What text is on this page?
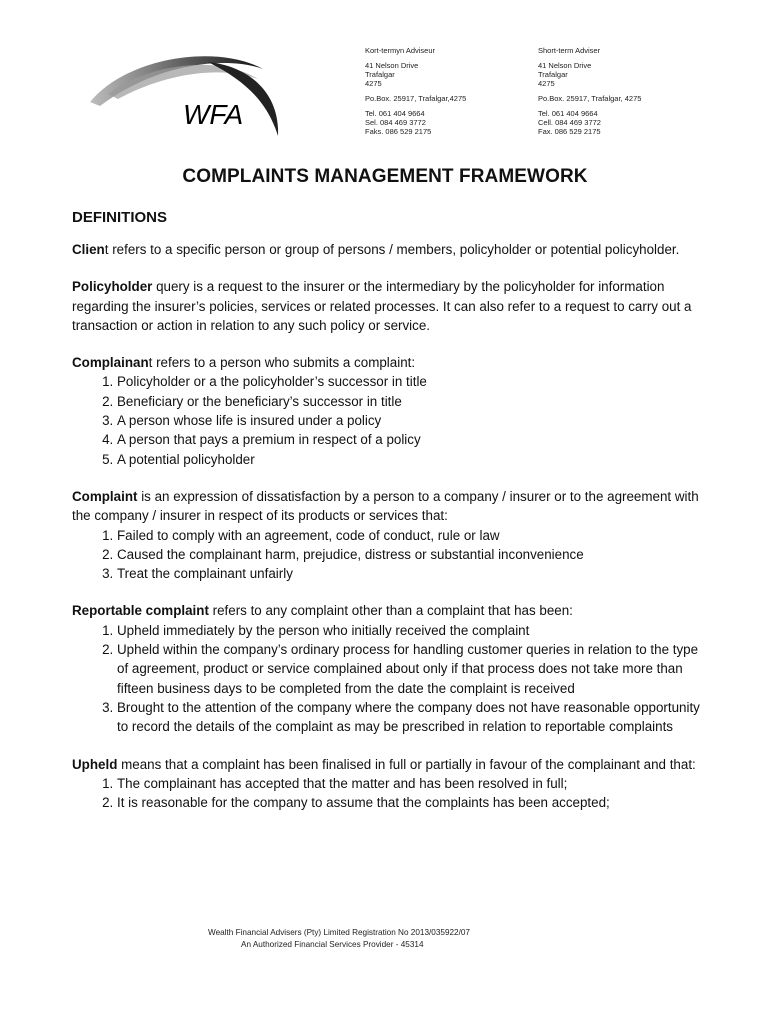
WFA
Kort-termyn Adviseur
41 Nelson Drive
Trafalgar
4275
Po.Box. 25917, Trafalgar,4275
Tel. 061 404 9664
Sel. 084 469 3772
Faks. 086 529 2175
Short-term Adviser
41 Nelson Drive
Trafalgar
4275
Po.Box. 25917, Trafalgar, 4275
Tel. 061 404 9664
Cell. 084 469 3772
Fax. 086 529 2175
COMPLAINTS MANAGEMENT FRAMEWORK
DEFINITIONS

Client refers to a specific person or group of persons / members, policyholder or potential policyholder.

Policyholder query is a request to the insurer or the intermediary by the policyholder for information regarding the insurer’s policies, services or related processes. It can also refer to a request to carry out a transaction or action in relation to any such policy or service.

Complainant refers to a person who submits a complaint:

1. Policyholder or a the policyholder’s successor in title
2. Beneficiary or the beneficiary’s successor in title
3. A person whose life is insured under a policy
4. A person that pays a premium in respect of a policy
5. A potential policyholder

Complaint is an expression of dissatisfaction by a person to a company / insurer or to the agreement with the company / insurer in respect of its products or services that:

1. Failed to comply with an agreement, code of conduct, rule or law
2. Caused the complainant harm, prejudice, distress or substantial inconvenience
3. Treat the complainant unfairly

Reportable complaint refers to any complaint other than a complaint that has been:

1. Upheld immediately by the person who initially received the complaint
2. Upheld within the company’s ordinary process for handling customer queries in relation to the type of agreement, product or service complained about only if that process does not take more than fifteen business days to be completed from the date the complaint is received
3. Brought to the attention of the company where the company does not have reasonable opportunity to record the details of the complaint as may be prescribed in relation to reportable complaints

Upheld means that a complaint has been finalised in full or partially in favour of the complainant and that:

1. The complainant has accepted that the matter and has been resolved in full;
2. It is reasonable for the company to assume that the complaints has been accepted;
Wealth Financial Advisers (Pty) Limited Registration No 2013/035922/07
An Authorized Financial Services Provider - 45314
